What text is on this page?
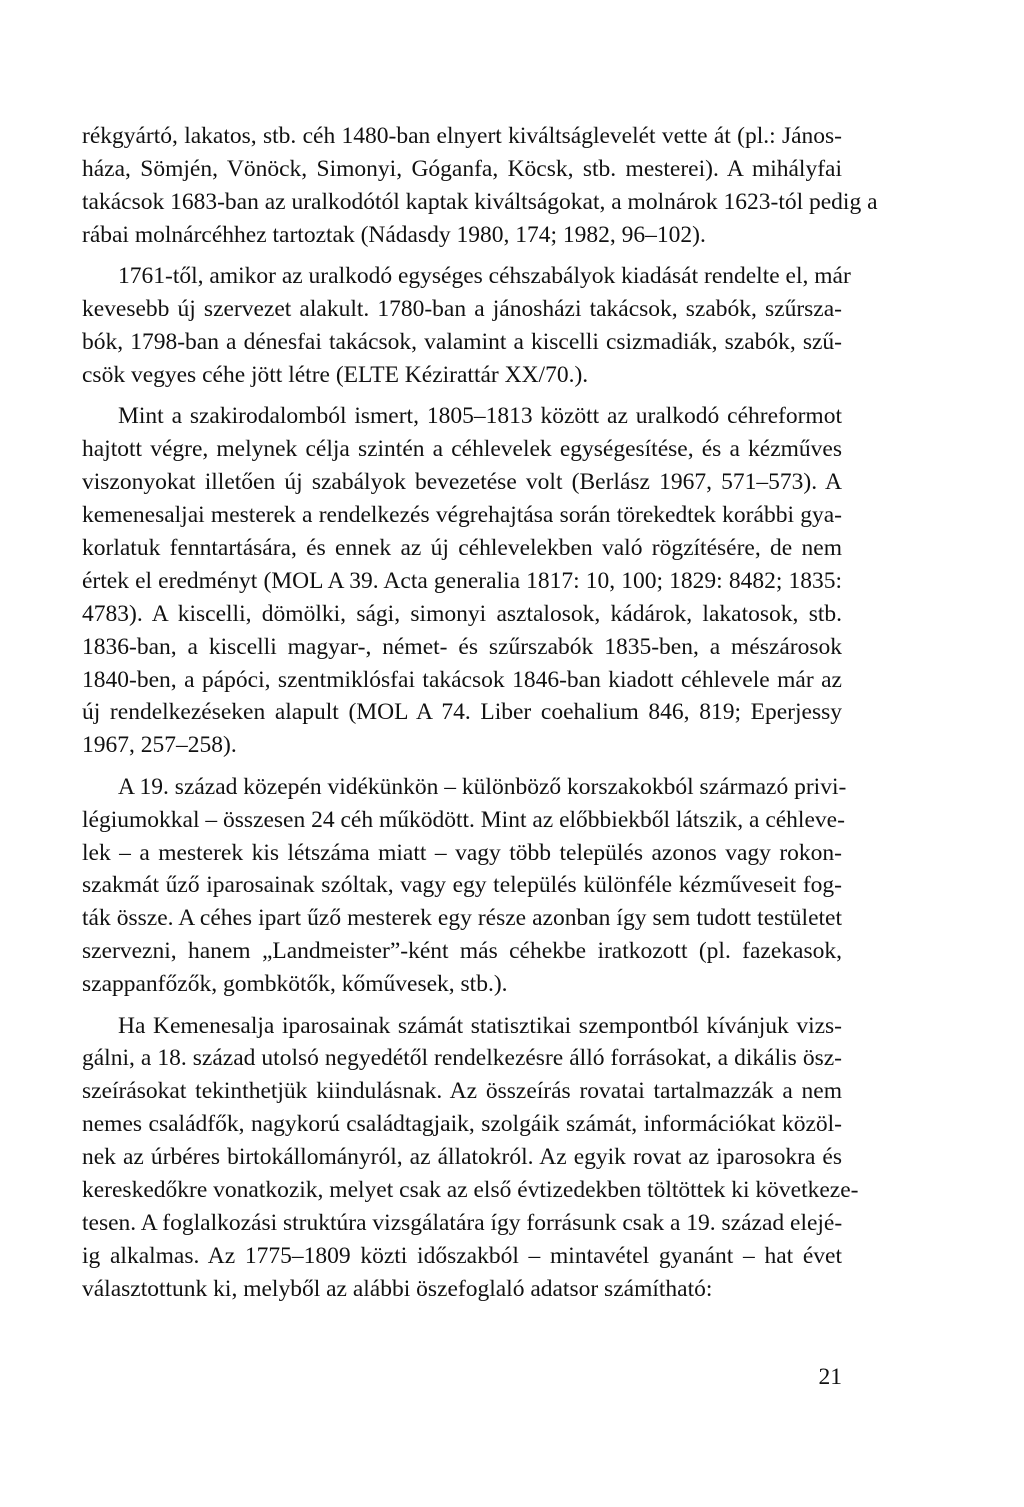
rékgyártó, lakatos, stb. céh 1480-ban elnyert kiváltságlevelét vette át (pl.: János-
háza, Sömjén, Vönöck, Simonyi, Góganfa, Köcsk, stb. mesterei). A mihályfai
takácsok 1683-ban az uralkodótól kaptak kiváltságokat, a molnárok 1623-tól pedig a
rábai molnárcéhhez tartoztak (Nádasdy 1980, 174; 1982, 96–102).

1761-től, amikor az uralkodó egységes céhszabályok kiadását rendelte el, már
kevesebb új szervezet alakult. 1780-ban a jánosházi takácsok, szabók, szűrsza-
bók, 1798-ban a dénesfai takácsok, valamint a kiscelli csizmadiák, szabók, szű-
csök vegyes céhe jött létre (ELTE Kézirattár XX/70.).

Mint a szakirodalomból ismert, 1805–1813 között az uralkodó céhreformot
hajtott végre, melynek célja szintén a céhlevelek egységesítése, és a kézműves
viszonyokat illetően új szabályok bevezetése volt (Berlász 1967, 571–573). A
kemenesaljai mesterek a rendelkezés végrehajtása során törekedtek korábbi gya-
korlatuk fenntartására, és ennek az új céhlevelekben való rögzítésére, de nem
értek el eredményt (MOL A 39. Acta generalia 1817: 10, 100; 1829: 8482; 1835:
4783). A kiscelli, dömölki, sági, simonyi asztalosok, kádárok, lakatosok, stb.
1836-ban, a kiscelli magyar-, német- és szűrszabók 1835-ben, a mészárosok
1840-ben, a pápóci, szentmiklósfai takácsok 1846-ban kiadott céhlevele már az
új rendelkezéseken alapult (MOL A 74. Liber coehalium 846, 819; Eperjessy
1967, 257–258).

A 19. század közepén vidékünkön – különböző korszakokból származó privi-
légiumokkal – összesen 24 céh működött. Mint az előbbiekből látszik, a céhleve-
lek – a mesterek kis létszáma miatt – vagy több település azonos vagy rokon-
szakmát űző iparosainak szóltak, vagy egy település különféle kézműveseit fog-
ták össze. A céhes ipart űző mesterek egy része azonban így sem tudott testületet
szervezni, hanem „Landmeister”-ként más céhekbe iratkozott (pl. fazekasok,
szappanfőzők, gombkötők, kőművesek, stb.).

Ha Kemenesalja iparosainak számát statisztikai szempontból kívánjuk vizs-
gálni, a 18. század utolsó negyedétől rendelkezésre álló forrásokat, a dikális ösz-
szeírásokat tekinthetjük kiindulásnak. Az összeírás rovatai tartalmazzák a nem
nemes családfők, nagykorú családtagjaik, szolgáik számát, információkat közöl-
nek az úrbéres birtokállományról, az állatokról. Az egyik rovat az iparosokra és
kereskedőkre vonatkozik, melyet csak az első évtizedekben töltöttek ki következe-
tesen. A foglalkozási struktúra vizsgálatára így forrásunk csak a 19. század elejé-
ig alkalmas. Az 1775–1809 közti időszakból – mintavétel gyanánt – hat évet
választottunk ki, melyből az alábbi öszefoglaló adatsor számítható:

21
